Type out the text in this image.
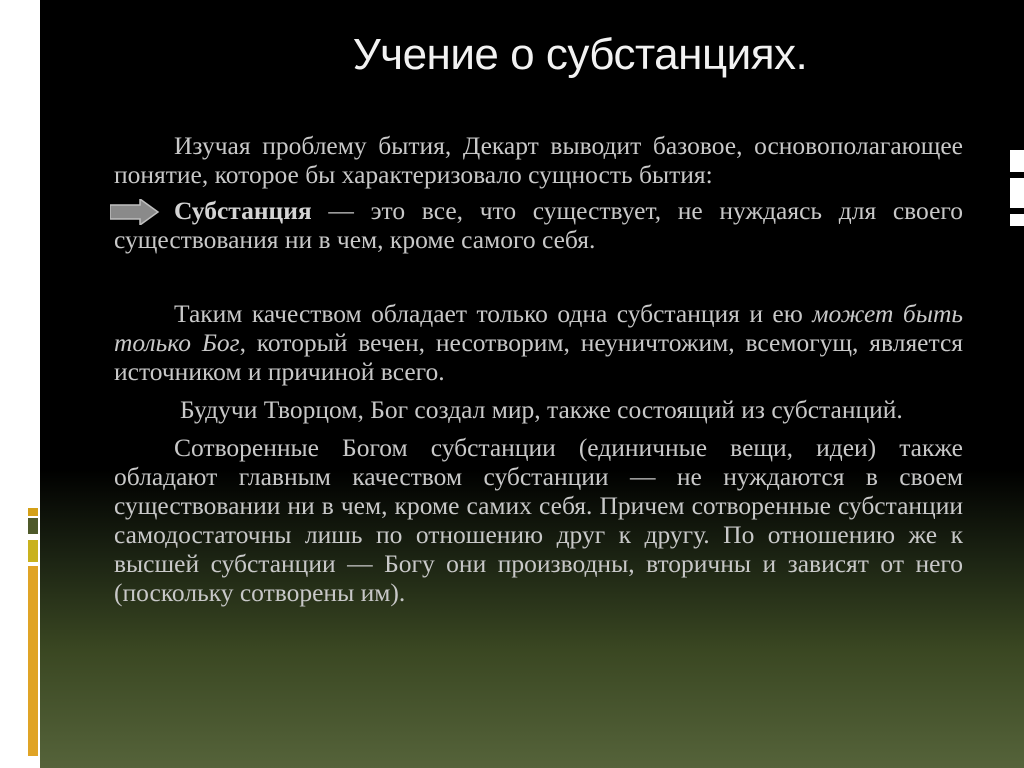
Учение о субстанциях.

Изучая проблему бытия, Декарт выводит базовое, основополагающее понятие, которое бы характеризовало сущность бытия:

Субстанция — это все, что существует, не нуждаясь для своего существования ни в чем, кроме самого себя.

Таким качеством обладает только одна субстанция и ею может быть только Бог, который вечен, несотворим, неуничтожим, всемогущ, является источником и причиной всего.

Будучи Творцом, Бог создал мир, также состоящий из субстанций.

Сотворенные Богом субстанции (единичные вещи, идеи) также обладают главным качеством субстанции — не нуждаются в своем существовании ни в чем, кроме самих себя. Причем сотворенные субстанции самодостаточны лишь по отношению друг к другу. По отношению же к высшей субстанции — Богу они производны, вторичны и зависят от него (поскольку сотворены им).
